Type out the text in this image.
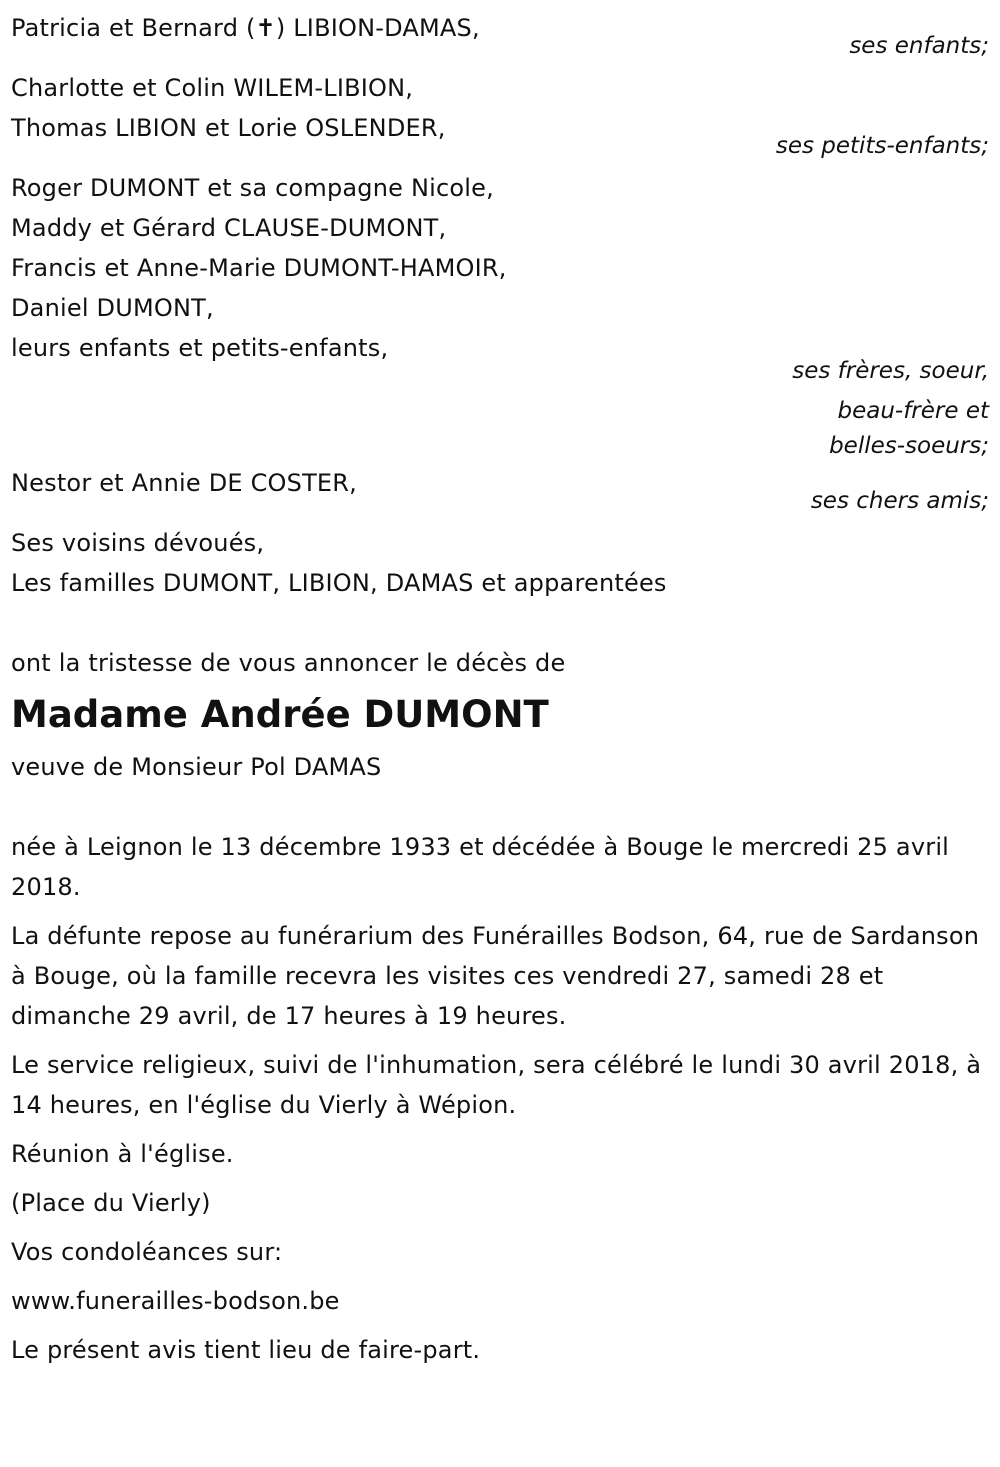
Patricia et Bernard (✝) LIBION-DAMAS,
ses enfants;
Charlotte et Colin WILEM-LIBION,
Thomas LIBION et Lorie OSLENDER,
ses petits-enfants;
Roger DUMONT et sa compagne Nicole,
Maddy et Gérard CLAUSE-DUMONT,
Francis et Anne-Marie DUMONT-HAMOIR,
Daniel DUMONT,
leurs enfants et petits-enfants,
ses frères, soeur,
beau-frère et
belles-soeurs;
Nestor et Annie DE COSTER,
ses chers amis;
Ses voisins dévoués,
Les familles DUMONT, LIBION, DAMAS et apparentées
ont la tristesse de vous annoncer le décès de
Madame Andrée DUMONT
veuve de Monsieur Pol DAMAS
née à Leignon le 13 décembre 1933 et décédée à Bouge le mercredi 25 avril 2018.
La défunte repose au funérarium des Funérailles Bodson, 64, rue de Sardanson à Bouge, où la famille recevra les visites ces vendredi 27, samedi 28 et dimanche 29 avril, de 17 heures à 19 heures.
Le service religieux, suivi de l'inhumation, sera célébré le lundi 30 avril 2018, à 14 heures, en l'église du Vierly à Wépion.
Réunion à l'église.
(Place du Vierly)
Vos condoléances sur:
www.funerailles-bodson.be
Le présent avis tient lieu de faire-part.
